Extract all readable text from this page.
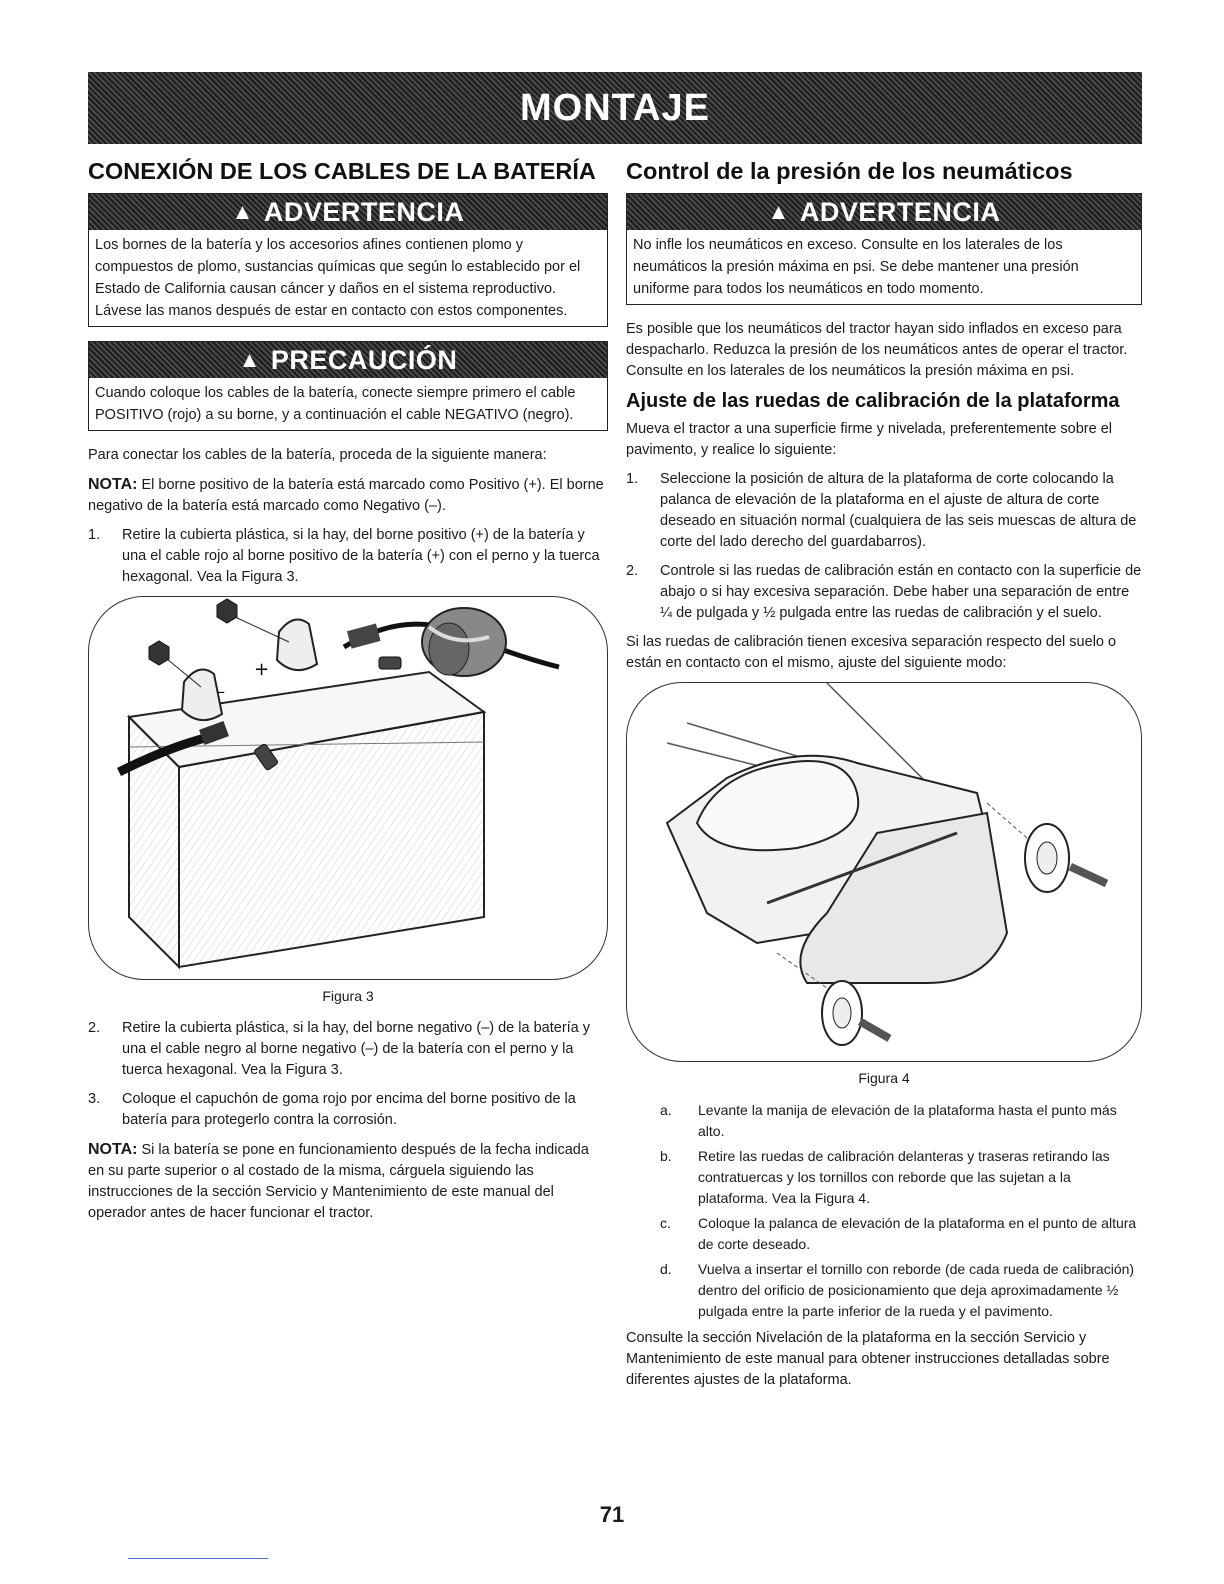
MONTAJE
CONEXIÓN DE LOS CABLES DE LA BATERÍA
▲ ADVERTENCIA
Los bornes de la batería y los accesorios afines contienen plomo y compuestos de plomo, sustancias químicas que según lo establecido por el Estado de California causan cáncer y daños en el sistema reproductivo. Lávese las manos después de estar en contacto con estos componentes.
▲ PRECAUCIÓN
Cuando coloque los cables de la batería, conecte siempre primero el cable POSITIVO (rojo) a su borne, y a continuación el cable NEGATIVO (negro).

Para conectar los cables de la batería, proceda de la siguiente manera:

NOTA: El borne positivo de la batería está marcado como Positivo (+). El borne negativo de la batería está marcado como Negativo (–).

1.	Retire la cubierta plástica, si la hay, del borne positivo (+) de la batería y una el cable rojo al borne positivo de la batería (+) con el perno y la tuerca hexagonal. Vea la Figura 3.
+
–
Figura 3
2.	Retire la cubierta plástica, si la hay, del borne negativo (–) de la batería y una el cable negro al borne negativo (–) de la batería con el perno y la tuerca hexagonal. Vea la Figura 3.
3.	Coloque el capuchón de goma rojo por encima del borne positivo de la batería para protegerlo contra la corrosión.

NOTA: Si la batería se pone en funcionamiento después de la fecha indicada en su parte superior o al costado de la misma, cárguela siguiendo las instrucciones de la sección Servicio y Mantenimiento de este manual del operador antes de hacer funcionar el tractor.

Control de la presión de los neumáticos
▲ ADVERTENCIA
No infle los neumáticos en exceso. Consulte en los laterales de los neumáticos la presión máxima en psi. Se debe mantener una presión uniforme para todos los neumáticos en todo momento.

Es posible que los neumáticos del tractor hayan sido inflados en exceso para despacharlo. Reduzca la presión de los neumáticos antes de operar el tractor. Consulte en los laterales de los neumáticos la presión máxima en psi.

Ajuste de las ruedas de calibración de la plataforma

Mueva el tractor a una superficie firme y nivelada, preferentemente sobre el pavimento, y realice lo siguiente:

1.	Seleccione la posición de altura de la plataforma de corte colocando la palanca de elevación de la plataforma en el ajuste de altura de corte deseado en situación normal (cualquiera de las seis muescas de altura de corte del lado derecho del guardabarros).
2.	Controle si las ruedas de calibración están en contacto con la superficie de abajo o si hay excesiva separación. Debe haber una separación de entre ¼ de pulgada y ½ pulgada entre las ruedas de calibración y el suelo.

Si las ruedas de calibración tienen excesiva separación respecto del suelo o están en contacto con el mismo, ajuste del siguiente modo:

Figura 4
a.	Levante la manija de elevación de la plataforma hasta el punto más alto.
b.	Retire las ruedas de calibración delanteras y traseras retirando las contratuercas y los tornillos con reborde que las sujetan a la plataforma. Vea la Figura 4.
c.	Coloque la palanca de elevación de la plataforma en el punto de altura de corte deseado.
d.	Vuelva a insertar el tornillo con reborde (de cada rueda de calibración) dentro del orificio de posicionamiento que deja aproximadamente ½ pulgada entre la parte inferior de la rueda y el pavimento.

Consulte la sección Nivelación de la plataforma en la sección Servicio y Mantenimiento de este manual para obtener instrucciones detalladas sobre diferentes ajustes de la plataforma.

71
